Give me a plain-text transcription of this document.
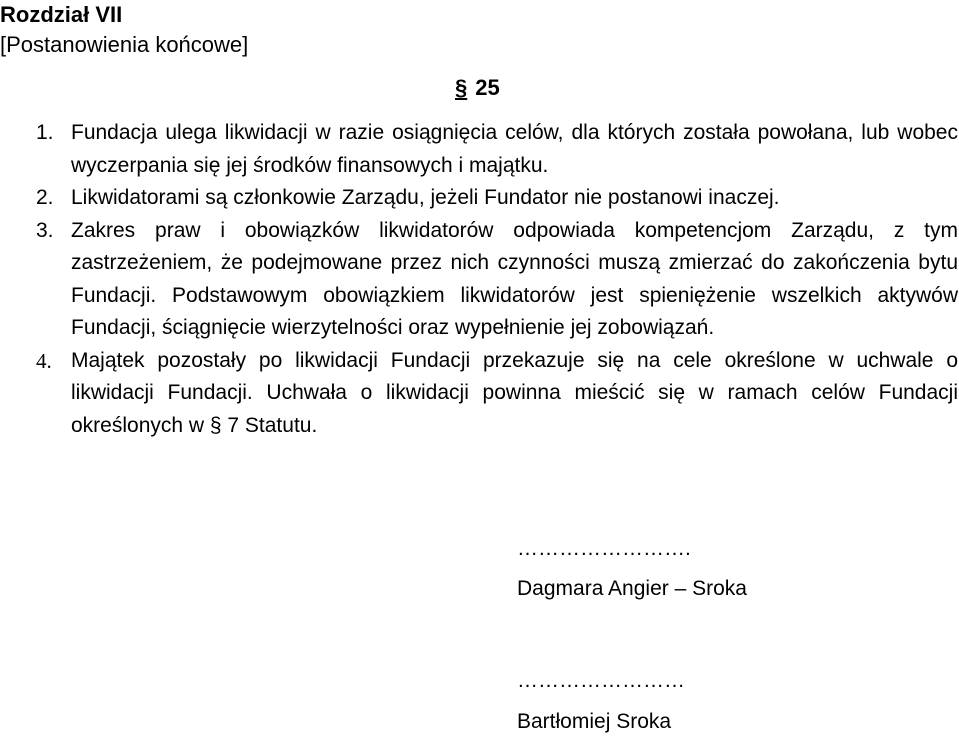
Rozdział VII
[Postanowienia końcowe]
§ 25
1. Fundacja ulega likwidacji w razie osiągnięcia celów, dla których została powołana, lub wobec wyczerpania się jej środków finansowych i majątku.
2. Likwidatorami są członkowie Zarządu, jeżeli Fundator nie postanowi inaczej.
3. Zakres praw i obowiązków likwidatorów odpowiada kompetencjom Zarządu, z tym zastrzeżeniem, że podejmowane przez nich czynności muszą zmierzać do zakończenia bytu Fundacji. Podstawowym obowiązkiem likwidatorów jest spieniężenie wszelkich aktywów Fundacji, ściągnięcie wierzytelności oraz wypełnienie jej zobowiązań.
4. Majątek pozostały po likwidacji Fundacji przekazuje się na cele określone w uchwale o likwidacji Fundacji. Uchwała o likwidacji powinna mieścić się w ramach celów Fundacji określonych w § 7 Statutu.
…………………….
Dagmara Angier – Sroka
……………………
Bartłomiej Sroka
